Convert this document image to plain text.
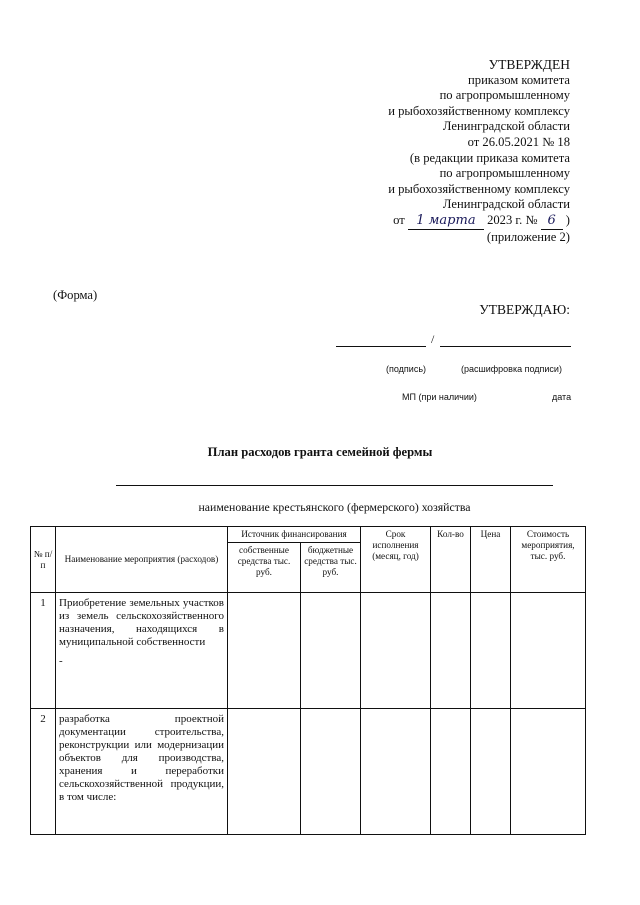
УТВЕРЖДЕН
приказом комитета
по агропромышленному
и рыбохозяйственному комплексу
Ленинградской области
от 26.05.2021 № 18
(в редакции приказа комитета
по агропромышленному
и рыбохозяйственному комплексу
Ленинградской области
от 1 марта 2023 г. № 6 )
(приложение 2)
(Форма)
УТВЕРЖДАЮ:
/
(подпись)	(расшифровка подписи)
МП (при наличии)	дата
План расходов гранта семейной фермы
наименование крестьянского (фермерского) хозяйства
№ п/п	Наименование мероприятия (расходов)	Источник финансирования		Срок исполнения (месяц, год)	Кол-во	Цена	Стоимость мероприятия, тыс. руб.
		собственные средства тыс. руб.	бюджетные средства тыс. руб.				
1	Приобретение земельных участков из земель сельскохозяйственного назначения, находящихся в муниципальной собственности
-						

2	разработка проектной документации строительства, реконструкции или модернизации объектов для производства, хранения и переработки сельскохозяйственной продукции, в том числе:						
